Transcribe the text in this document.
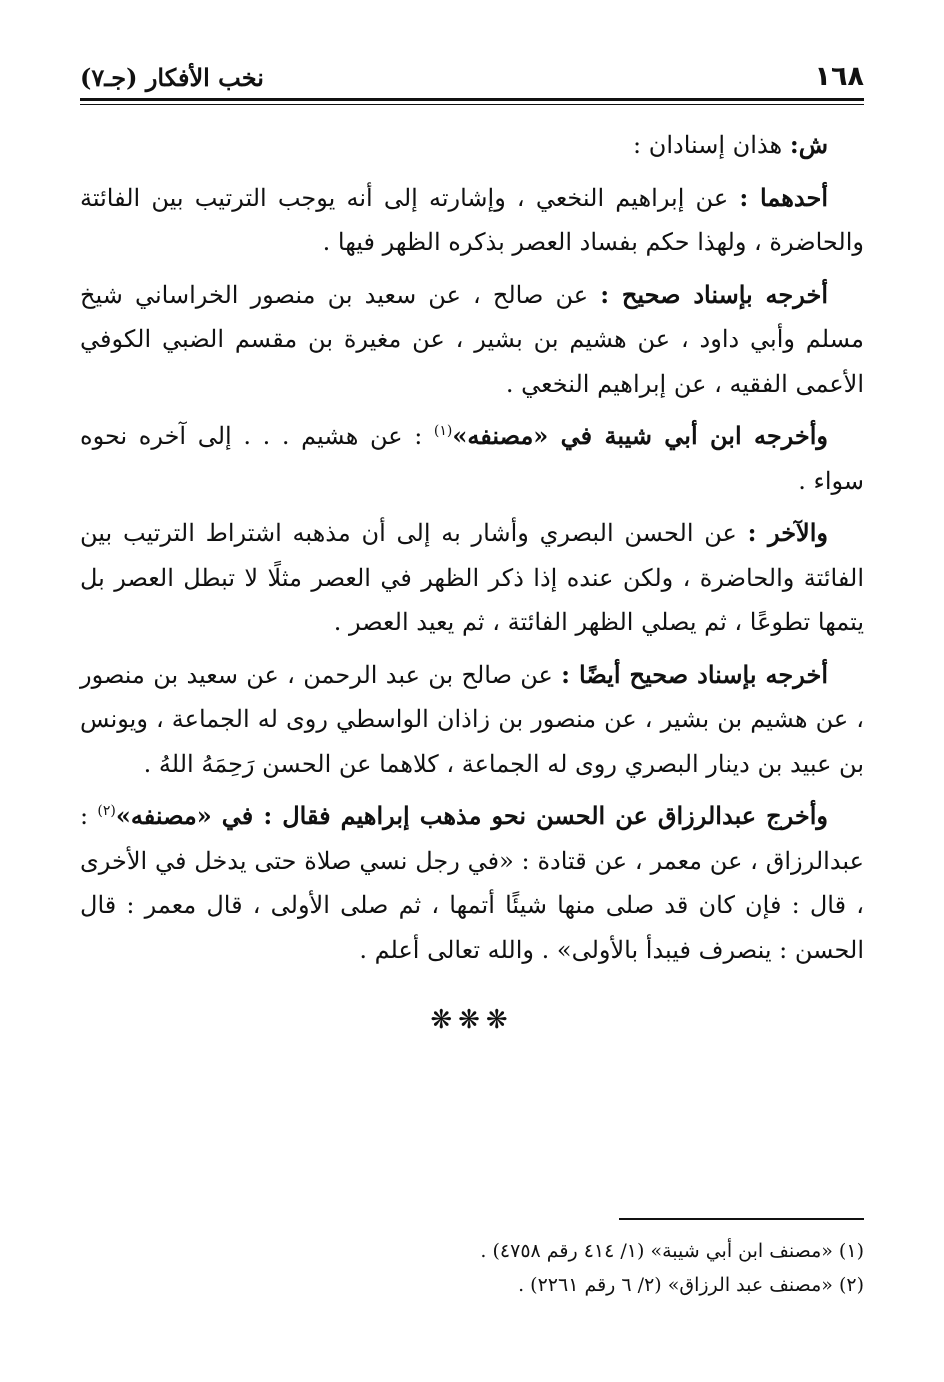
١٦٨
نخب الأفكار (جـ٧)

ش: هذان إسنادان :

أحدهما : عن إبراهيم النخعي ، وإشارته إلى أنه يوجب الترتيب بين الفائتة والحاضرة ، ولهذا حكم بفساد العصر بذكره الظهر فيها .

أخرجه بإسناد صحيح : عن صالح ، عن سعيد بن منصور الخراساني شيخ مسلم وأبي داود ، عن هشيم بن بشير ، عن مغيرة بن مقسم الضبي الكوفي الأعمى الفقيه ، عن إبراهيم النخعي .

وأخرجه ابن أبي شيبة في «مصنفه»$^{(١)}$ : عن هشيم . . . إلى آخره نحوه سواء .

والآخر : عن الحسن البصري وأشار به إلى أن مذهبه اشتراط الترتيب بين الفائتة والحاضرة ، ولكن عنده إذا ذكر الظهر في العصر مثلًا لا تبطل العصر بل يتمها تطوعًا ، ثم يصلي الظهر الفائتة ، ثم يعيد العصر .

أخرجه بإسناد صحيح أيضًا : عن صالح بن عبد الرحمن ، عن سعيد بن منصور ، عن هشيم بن بشير ، عن منصور بن زاذان الواسطي روى له الجماعة ، ويونس بن عبيد بن دينار البصري روى له الجماعة ، كلاهما عن الحسن رَحِمَهُ اللهُ .

وأخرج عبدالرزاق عن الحسن نحو مذهب إبراهيم فقال : في «مصنفه»$^{(٢)}$ : عبدالرزاق ، عن معمر ، عن قتادة : «في رجل نسي صلاة حتى يدخل في الأخرى ، قال : فإن كان قد صلى منها شيئًا أتمها ، ثم صلى الأولى ، قال معمر : قال الحسن : ينصرف فيبدأ بالأولى» . والله تعالى أعلم .

❋❋❋

(١) «مصنف ابن أبي شيبة» (١/ ٤١٤ رقم ٤٧٥٨) .

(٢) «مصنف عبد الرزاق» (٢/ ٦ رقم ٢٢٦١) .
